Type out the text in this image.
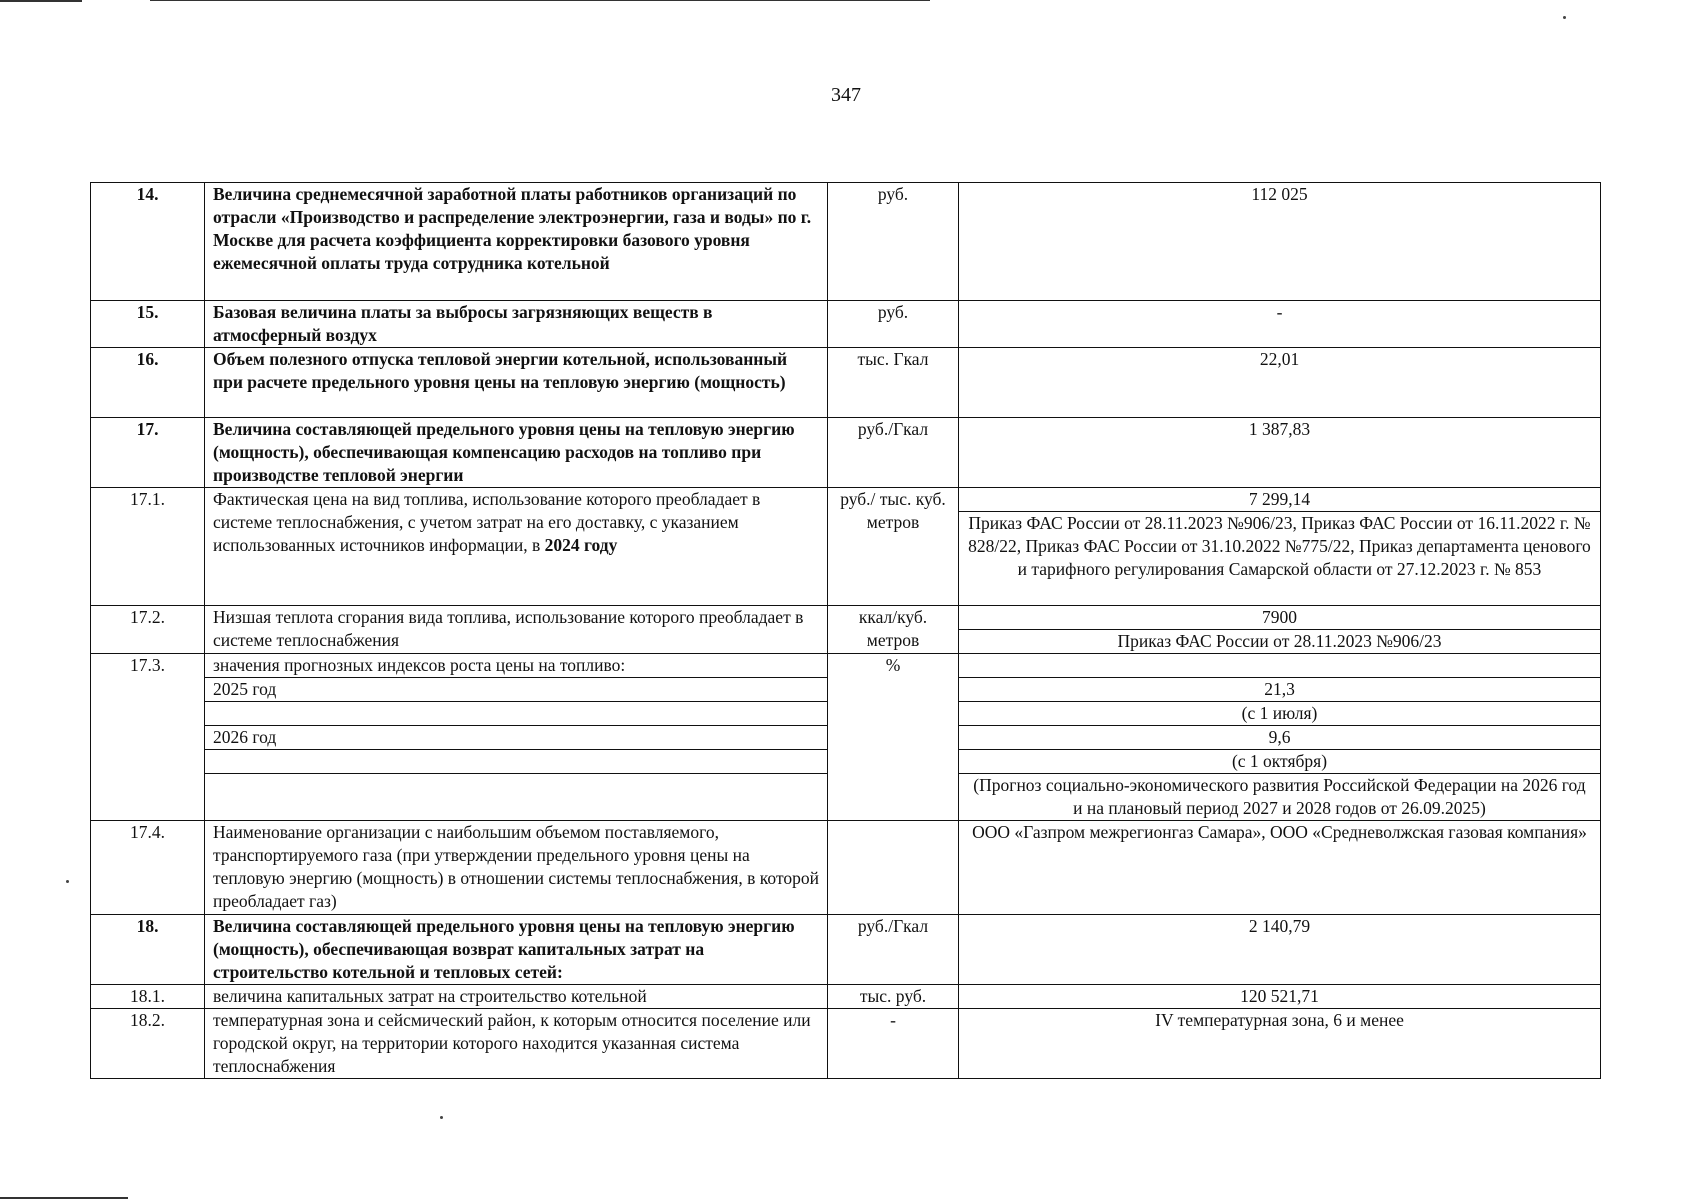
347
14.	Величина среднемесячной заработной платы работников организаций по отрасли «Производство и распределение электроэнергии, газа и воды» по г. Москве для расчета коэффициента корректировки базового уровня ежемесячной оплаты труда сотрудника котельной	руб.	112 025
15.	Базовая величина платы за выбросы загрязняющих веществ в атмосферный воздух	руб.	-
16.	Объем полезного отпуска тепловой энергии котельной, использованный при расчете предельного уровня цены на тепловую энергию (мощность)	тыс. Гкал	22,01
17.	Величина составляющей предельного уровня цены на тепловую энергию (мощность), обеспечивающая компенсацию расходов на топливо при производстве тепловой энергии	руб./Гкал	1 387,83
17.1.	Фактическая цена на вид топлива, использование которого преобладает в системе теплоснабжения, с учетом затрат на его доставку, с указанием использованных источников информации, в 2024 году	руб./ тыс. куб. метров	7 299,14
			Приказ ФАС России от 28.11.2023 №906/23, Приказ ФАС России от 16.11.2022 г. № 828/22, Приказ ФАС России от 31.10.2022 №775/22, Приказ департамента ценового и тарифного регулирования Самарской области от 27.12.2023 г. № 853
17.2.	Низшая теплота сгорания вида топлива, использование которого преобладает в системе теплоснабжения	ккал/куб. метров	7900
			Приказ ФАС России от 28.11.2023 №906/23
17.3.	значения прогнозных индексов роста цены на топливо:	%	
	2025 год		21,3
			(с 1 июля)
	2026 год		9,6
			(с 1 октября)
			(Прогноз социально-экономического развития Российской Федерации на 2026 год и на плановый период 2027 и 2028 годов от 26.09.2025)
17.4.	Наименование организации с наибольшим объемом поставляемого, транспортируемого газа (при утверждении предельного уровня цены на тепловую энергию (мощность) в отношении системы теплоснабжения, в которой преобладает газ)		ООО «Газпром межрегионгаз Самара», ООО «Средневолжская газовая компания»
18.	Величина составляющей предельного уровня цены на тепловую энергию (мощность), обеспечивающая возврат капитальных затрат на строительство котельной и тепловых сетей:	руб./Гкал	2 140,79
18.1.	величина капитальных затрат на строительство котельной	тыс. руб.	120 521,71
18.2.	температурная зона и сейсмический район, к которым относится поселение или городской округ, на территории которого находится указанная система теплоснабжения	-	IV температурная зона, 6 и менее
